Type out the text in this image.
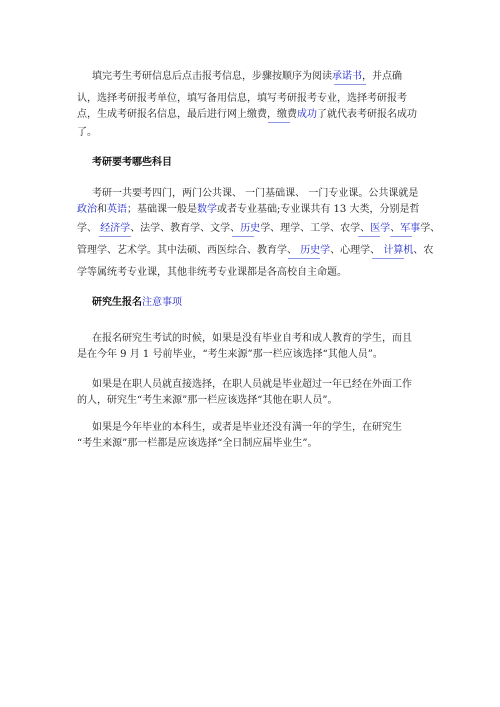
填完考生考研信息后点击报考信息，步骤按顺序为阅读承诺书，并点确
认，选择考研报考单位，填写备用信息，填写考研报考专业，选择考研报考
点，生成考研报名信息，最后进行网上缴费，缴费成功了就代表考研报名成功
了。
考研要考哪些科目
考研一共要考四门，两门公共课、 一门基础课、 一门专业课。公共课就是
政治和英语；基础课一般是数学或者专业基础;专业课共有 13 大类，分别是哲
学、 经济学、法学、教育学、文学、历史学、理学、工学、农学、医学、军事学、
管理学、艺术学。其中法硕、西医综合、教育学、 历史学、心理学、 计算机、农
学等属统考专业课，其他非统考专业课都是各高校自主命题。
研究生报名注意事项
在报名研究生考试的时候，如果是没有毕业自考和成人教育的学生，而且
是在今年 9 月 1 号前毕业，“考生来源”那一栏应该选择“其他人员”。
如果是在职人员就直接选择，在职人员就是毕业超过一年已经在外面工作
的人，研究生“考生来源”那一栏应该选择“其他在职人员”。
如果是今年毕业的本科生，或者是毕业还没有满一年的学生，在研究生
“考生来源”那一栏都是应该选择“全日制应届毕业生”。
